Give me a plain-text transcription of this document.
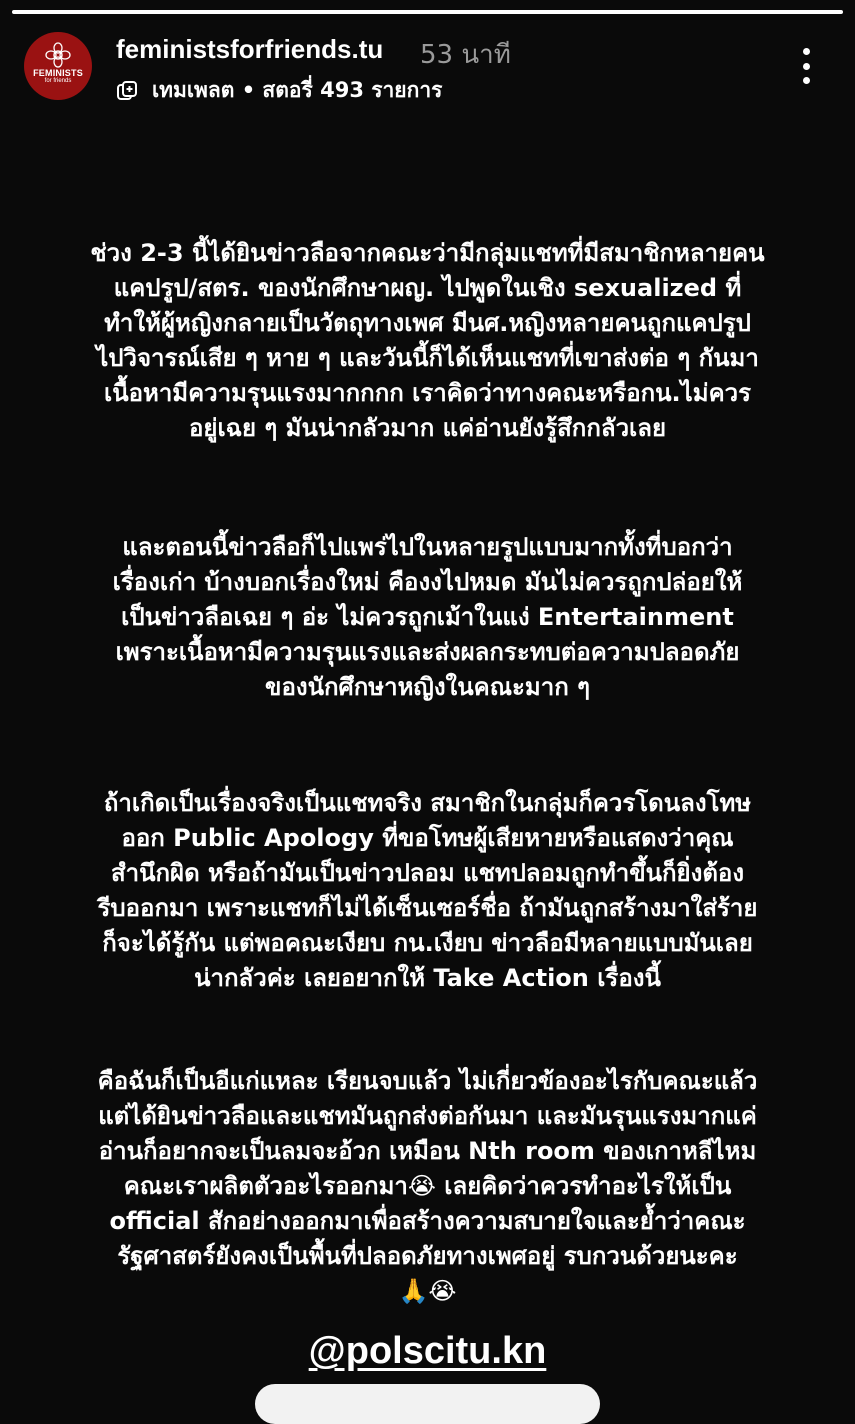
FEMINISTS
for friends
feministsforfriends.tu 53 นาที
เทมเพลต • สตอรี่ 493 รายการ
ช่วง 2-3 นี้ได้ยินข่าวลือจากคณะว่ามีกลุ่มแชทที่มีสมาชิกหลายคน
แคปรูป/สตร. ของนักศึกษาผญ. ไปพูดในเชิง sexualized ที่
ทำให้ผู้หญิงกลายเป็นวัตถุทางเพศ มีนศ.หญิงหลายคนถูกแคปรูป
ไปวิจารณ์เสีย ๆ หาย ๆ และวันนี้ก็ได้เห็นแชทที่เขาส่งต่อ ๆ กันมา
เนื้อหามีความรุนแรงมากกกก เราคิดว่าทางคณะหรือกน.ไม่ควร
อยู่เฉย ๆ มันน่ากลัวมาก แค่อ่านยังรู้สึกกลัวเลย
และตอนนี้ข่าวลือก็ไปแพร่ไปในหลายรูปแบบมากทั้งที่บอกว่า
เรื่องเก่า บ้างบอกเรื่องใหม่ คืองงไปหมด มันไม่ควรถูกปล่อยให้
เป็นข่าวลือเฉย ๆ อ่ะ ไม่ควรถูกเม้าในแง่ Entertainment
เพราะเนื้อหามีความรุนแรงและส่งผลกระทบต่อความปลอดภัย
ของนักศึกษาหญิงในคณะมาก ๆ
ถ้าเกิดเป็นเรื่องจริงเป็นแชทจริง สมาชิกในกลุ่มก็ควรโดนลงโทษ
ออก Public Apology ที่ขอโทษผู้เสียหายหรือแสดงว่าคุณ
สำนึกผิด หรือถ้ามันเป็นข่าวปลอม แชทปลอมถูกทำขึ้นก็ยิ่งต้อง
รีบออกมา เพราะแชทก็ไม่ได้เซ็นเซอร์ชื่อ ถ้ามันถูกสร้างมาใส่ร้าย
ก็จะได้รู้กัน แต่พอคณะเงียบ กน.เงียบ ข่าวลือมีหลายแบบมันเลย
น่ากลัวค่ะ เลยอยากให้ Take Action เรื่องนี้
คือฉันก็เป็นอีแก่แหละ เรียนจบแล้ว ไม่เกี่ยวข้องอะไรกับคณะแล้ว
แต่ได้ยินข่าวลือและแชทมันถูกส่งต่อกันมา และมันรุนแรงมากแค่
อ่านก็อยากจะเป็นลมจะอ้วก เหมือน Nth room ของเกาหลีไหม
คณะเราผลิตตัวอะไรออกมา😭 เลยคิดว่าควรทำอะไรให้เป็น
official สักอย่างออกมาเพื่อสร้างความสบายใจและย้ำว่าคณะ
รัฐศาสตร์ยังคงเป็นพื้นที่ปลอดภัยทางเพศอยู่ รบกวนด้วยนะคะ
🙏😭
@polscitu.kn
